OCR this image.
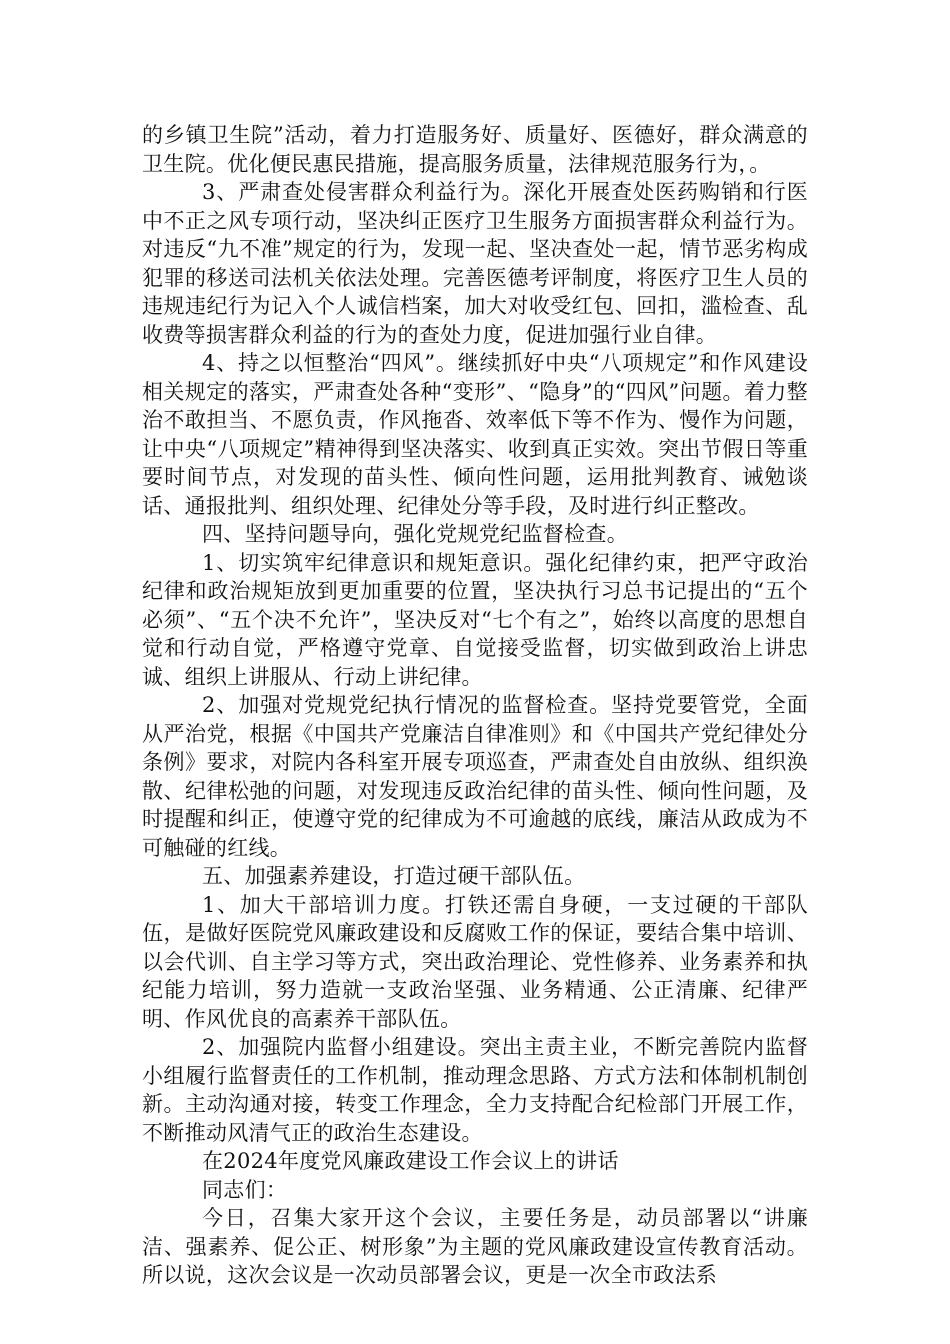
的乡镇卫生院”活动，着力打造服务好、质量好、医德好，群众满意的卫生院。优化便民惠民措施，提高服务质量，法律规范服务行为，。

3、严肃查处侵害群众利益行为。深化开展查处医药购销和行医中不正之风专项行动，坚决纠正医疗卫生服务方面损害群众利益行为。对违反“九不准”规定的行为，发现一起、坚决查处一起，情节恶劣构成犯罪的移送司法机关依法处理。完善医德考评制度，将医疗卫生人员的违规违纪行为记入个人诚信档案，加大对收受红包、回扣，滥检查、乱收费等损害群众利益的行为的查处力度，促进加强行业自律。

4、持之以恒整治“四风”。继续抓好中央“八项规定”和作风建设相关规定的落实，严肃查处各种“变形”、“隐身”的“四风”问题。着力整治不敢担当、不愿负责，作风拖沓、效率低下等不作为、慢作为问题，让中央“八项规定”精神得到坚决落实、收到真正实效。突出节假日等重要时间节点，对发现的苗头性、倾向性问题，运用批判教育、诫勉谈话、通报批判、组织处理、纪律处分等手段，及时进行纠正整改。

四、坚持问题导向，强化党规党纪监督检查。

1、切实筑牢纪律意识和规矩意识。强化纪律约束，把严守政治纪律和政治规矩放到更加重要的位置，坚决执行习总书记提出的“五个必须”、“五个决不允许”，坚决反对“七个有之”，始终以高度的思想自觉和行动自觉，严格遵守党章、自觉接受监督，切实做到政治上讲忠诚、组织上讲服从、行动上讲纪律。

2、加强对党规党纪执行情况的监督检查。坚持党要管党，全面从严治党，根据《中国共产党廉洁自律准则》和《中国共产党纪律处分条例》要求，对院内各科室开展专项巡查，严肃查处自由放纵、组织涣散、纪律松弛的问题，对发现违反政治纪律的苗头性、倾向性问题，及时提醒和纠正，使遵守党的纪律成为不可逾越的底线，廉洁从政成为不可触碰的红线。

五、加强素养建设，打造过硬干部队伍。

1、加大干部培训力度。打铁还需自身硬，一支过硬的干部队伍，是做好医院党风廉政建设和反腐败工作的保证，要结合集中培训、以会代训、自主学习等方式，突出政治理论、党性修养、业务素养和执纪能力培训，努力造就一支政治坚强、业务精通、公正清廉、纪律严明、作风优良的高素养干部队伍。

2、加强院内监督小组建设。突出主责主业，不断完善院内监督小组履行监督责任的工作机制，推动理念思路、方式方法和体制机制创新。主动沟通对接，转变工作理念，全力支持配合纪检部门开展工作，不断推动风清气正的政治生态建设。

在2024年度党风廉政建设工作会议上的讲话

同志们：

今日，召集大家开这个会议，主要任务是，动员部署以“讲廉洁、强素养、促公正、树形象”为主题的党风廉政建设宣传教育活动。所以说，这次会议是一次动员部署会议，更是一次全市政法系
